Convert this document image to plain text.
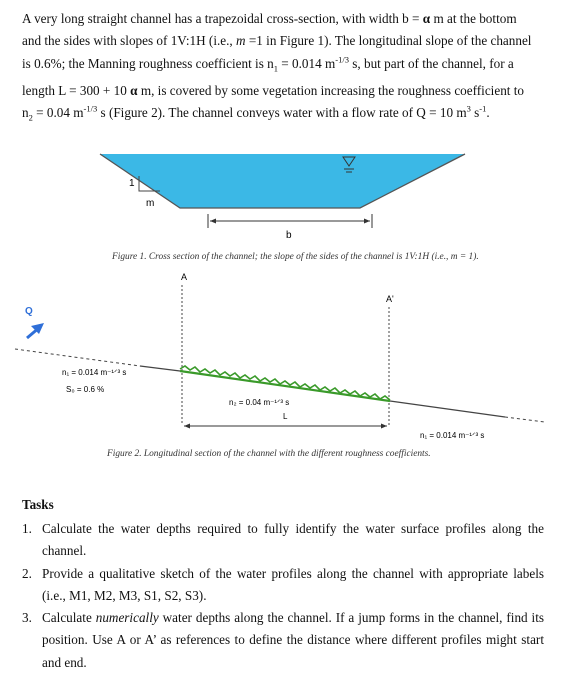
A very long straight channel has a trapezoidal cross-section, with width b = α m at the bottom
and the sides with slopes of 1V:1H (i.e., m =1 in Figure 1). The longitudinal slope of the channel
is 0.6%; the Manning roughness coefficient is $n_1 = 0.014$ $m^{-1/3}$ s, but part of the channel, for a
length L = 300 + 10 α m, is covered by some vegetation increasing the roughness coefficient to
$n_2 = 0.04$ $m^{-1/3}$ s (Figure 2). The channel conveys water with a flow rate of Q = 10 $m^3$ $s^{-1}$.

1
m
b
Figure 1. Cross section of the channel; the slope of the sides of the channel is 1V:1H (i.e., m = 1).
A
A'
Q
n₁ = 0.014 m⁻¹ᐟ³ s
S₀ = 0.6 %
n₂ = 0.04 m⁻¹ᐟ³ s
L
n₁ = 0.014 m⁻¹ᐟ³ s
Figure 2. Longitudinal section of the channel with the different roughness coefficients.
Tasks
1. Calculate the water depths required to fully identify the water surface profiles along the channel.
2. Provide a qualitative sketch of the water profiles along the channel with appropriate labels (i.e., M1, M2, M3, S1, S2, S3).
3. Calculate numerically water depths along the channel. If a jump forms in the channel, find its position. Use A or A’ as references to define the distance where different profiles might start and end.
